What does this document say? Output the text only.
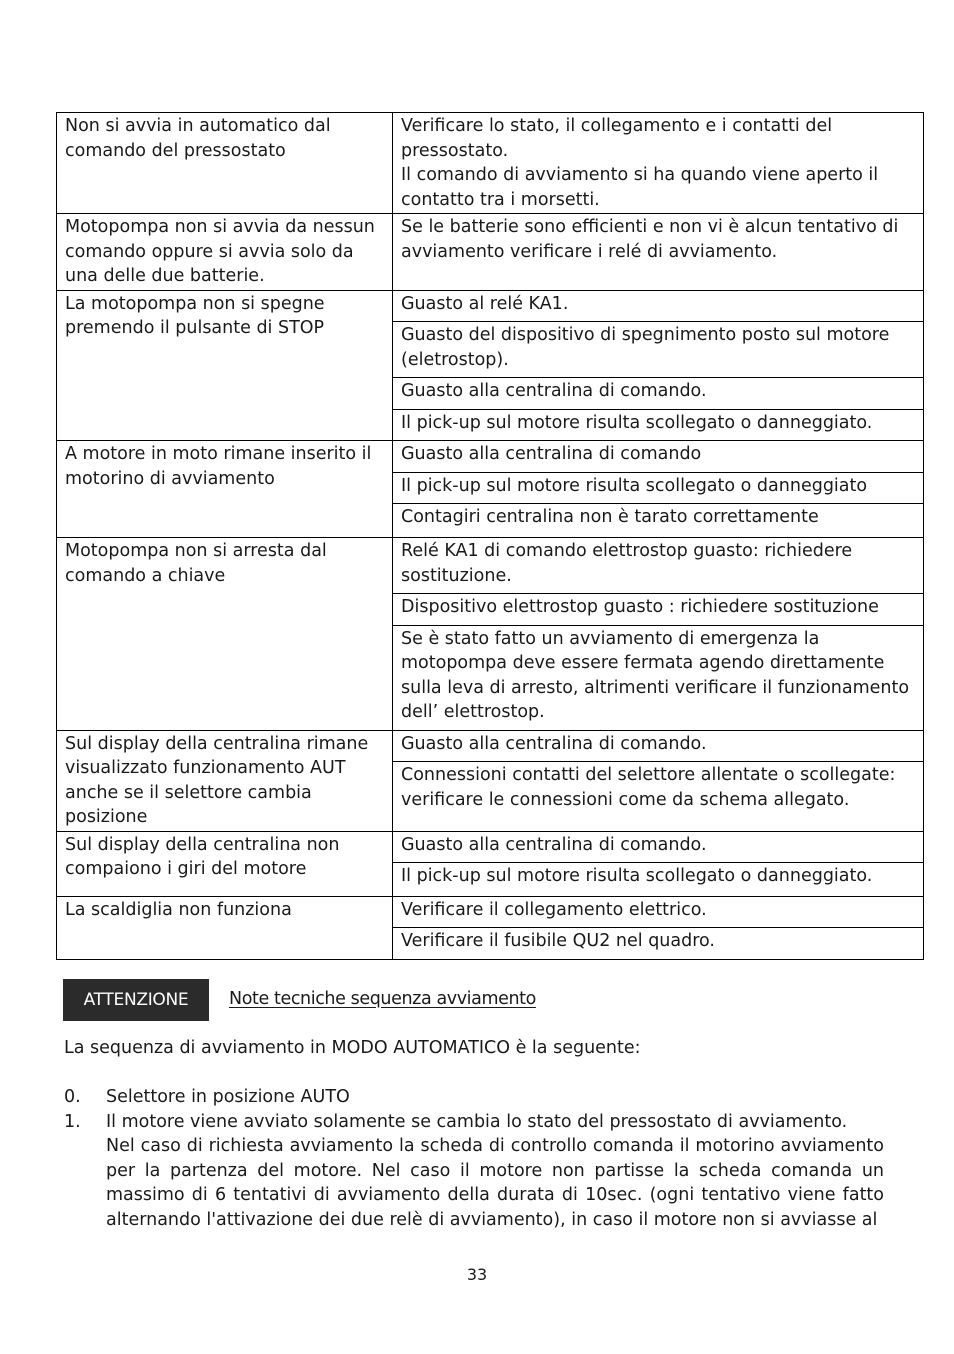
Non si avvia in automatico dal comando del pressostato	Verificare lo stato, il collegamento e i contatti del pressostato.
Il comando di avviamento si ha quando viene aperto il contatto tra i morsetti.

Motopompa non si avvia da nessun comando oppure si avvia solo da una delle due batterie.	Se le batterie sono efficienti e non vi è alcun tentativo di avviamento verificare i relé di avviamento.

La motopompa non si spegne premendo il pulsante di STOP	Guasto al relé KA1.
Guasto del dispositivo di spegnimento posto sul motore (eletrostop).
Guasto alla centralina di comando.
Il pick-up sul motore risulta scollegato o danneggiato.

A motore in moto rimane inserito il motorino di avviamento	Guasto alla centralina di comando
Il pick-up sul motore risulta scollegato o danneggiato
Contagiri centralina non è tarato correttamente

Motopompa non si arresta dal comando a chiave	Relé KA1 di comando elettrostop guasto: richiedere sostituzione.
Dispositivo elettrostop guasto : richiedere sostituzione
Se è stato fatto un avviamento di emergenza la motopompa deve essere fermata agendo direttamente sulla leva di arresto, altrimenti verificare il funzionamento dell’ elettrostop.

Sul display della centralina rimane visualizzato funzionamento AUT anche se il selettore cambia posizione	Guasto alla centralina di comando.
Connessioni contatti del selettore allentate o scollegate: verificare le connessioni come da schema allegato.

Sul display della centralina non compaiono i giri del motore	Guasto alla centralina di comando.
Il pick-up sul motore risulta scollegato o danneggiato.

La scaldiglia non funziona	Verificare il collegamento elettrico.
Verificare il fusibile QU2 nel quadro.
ATTENZIONE	Note tecniche sequenza avviamento
La sequenza di avviamento in MODO AUTOMATICO è la seguente:
0.	Selettore in posizione AUTO
1.	Il motore viene avviato solamente se cambia lo stato del pressostato di avviamento.
Nel caso di richiesta avviamento la scheda di controllo comanda il motorino avviamento per la partenza del motore. Nel caso il motore non partisse la scheda comanda un massimo di 6 tentativi di avviamento della durata di 10sec. (ogni tentativo viene fatto alternando l'attivazione dei due relè di avviamento), in caso il motore non si avviasse al
33
